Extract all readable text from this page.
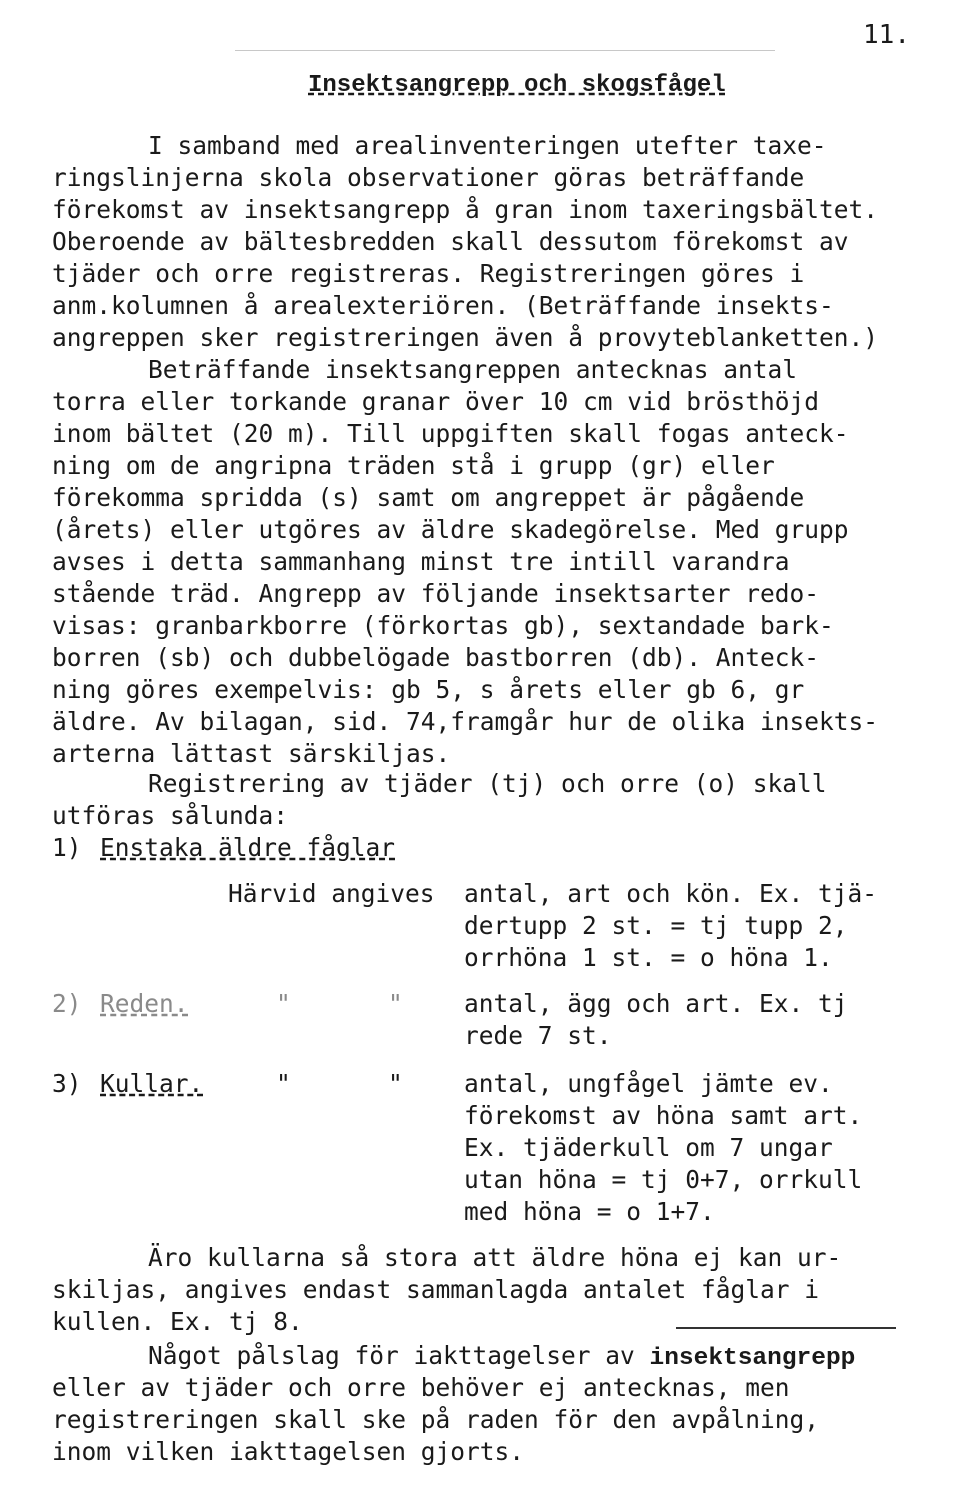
11.
Insektsangrepp och skogsfågel
I samband med arealinventeringen utefter taxe-
ringslinjerna skola observationer göras beträffande
förekomst av insektsangrepp å gran inom taxeringsbältet.
Oberoende av bältesbredden skall dessutom förekomst av
tjäder och orre registreras. Registreringen göres i
anm.kolumnen å arealexteriören. (Beträffande insekts-
angreppen sker registreringen även å provyteblanketten.)
Beträffande insektsangreppen antecknas antal
torra eller torkande granar över 10 cm vid brösthöjd
inom bältet (20 m). Till uppgiften skall fogas anteck-
ning om de angripna träden stå i grupp (gr) eller
förekomma spridda (s) samt om angreppet är pågående
(årets) eller utgöres av äldre skadegörelse. Med grupp
avses i detta sammanhang minst tre intill varandra
stående träd. Angrepp av följande insektsarter redo-
visas: granbarkborre (förkortas gb), sextandade bark-
borren (sb) och dubbelögade bastborren (db). Anteck-
ning göres exempelvis: gb 5, s årets eller gb 6, gr
äldre. Av bilagan, sid. 74,framgår hur de olika insekts-
arterna lättast särskiljas.
Registrering av tjäder (tj) och orre (o) skall
utföras sålunda:
1) Enstaka äldre fåglar
Härvid angives antal, art och kön. Ex. tjä-
dertupp 2 st. = tj tupp 2,
orrhöna 1 st. = o höna 1.
2) Reden.	"	" antal, ägg och art. Ex. tj
rede 7 st.
3) Kullar.	"	" antal, ungfågel jämte ev.
förekomst av höna samt art.
Ex. tjäderkull om 7 ungar
utan höna = tj 0+7, orrkull
med höna = o 1+7.
Äro kullarna så stora att äldre höna ej kan ur-
skiljas, angives endast sammanlagda antalet fåglar i
kullen. Ex. tj 8.
Något pålslag för iakttagelser av insektsangrepp
eller av tjäder och orre behöver ej antecknas, men
registreringen skall ske på raden för den avpålning,
inom vilken iakttagelsen gjorts.
